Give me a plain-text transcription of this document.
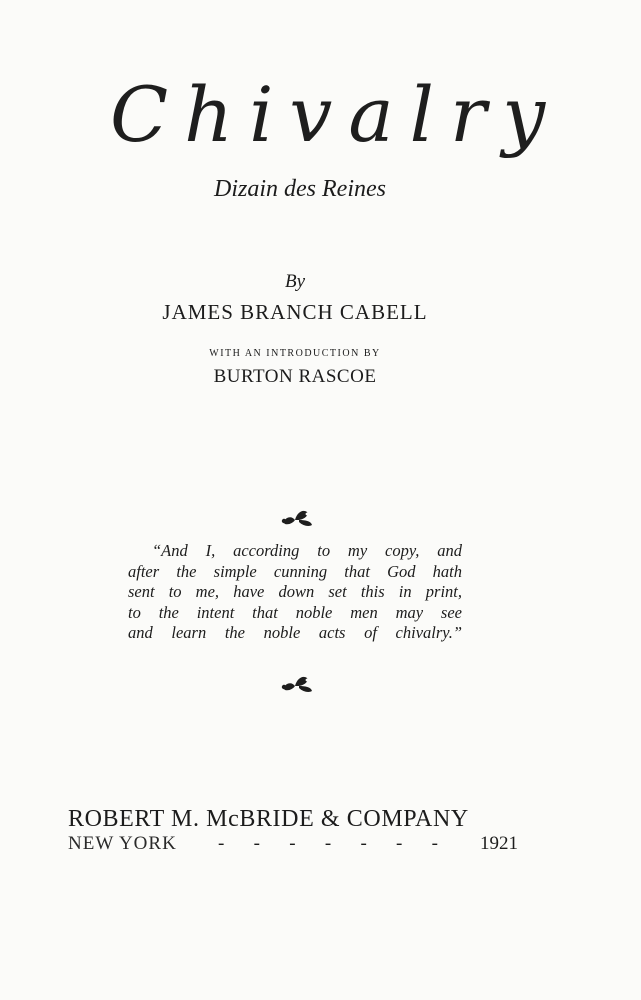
Chivalry
Dizain des Reines
By
JAMES BRANCH CABELL
WITH AN INTRODUCTION BY
BURTON RASCOE
“And I, according to my copy, and
after the simple cunning that God hath
sent to me, have down set this in print,
to the intent that noble men may see
and learn the noble acts of chivalry.”
ROBERT M. McBRIDE & COMPANY
NEW YORK - - - - - - - 1921
